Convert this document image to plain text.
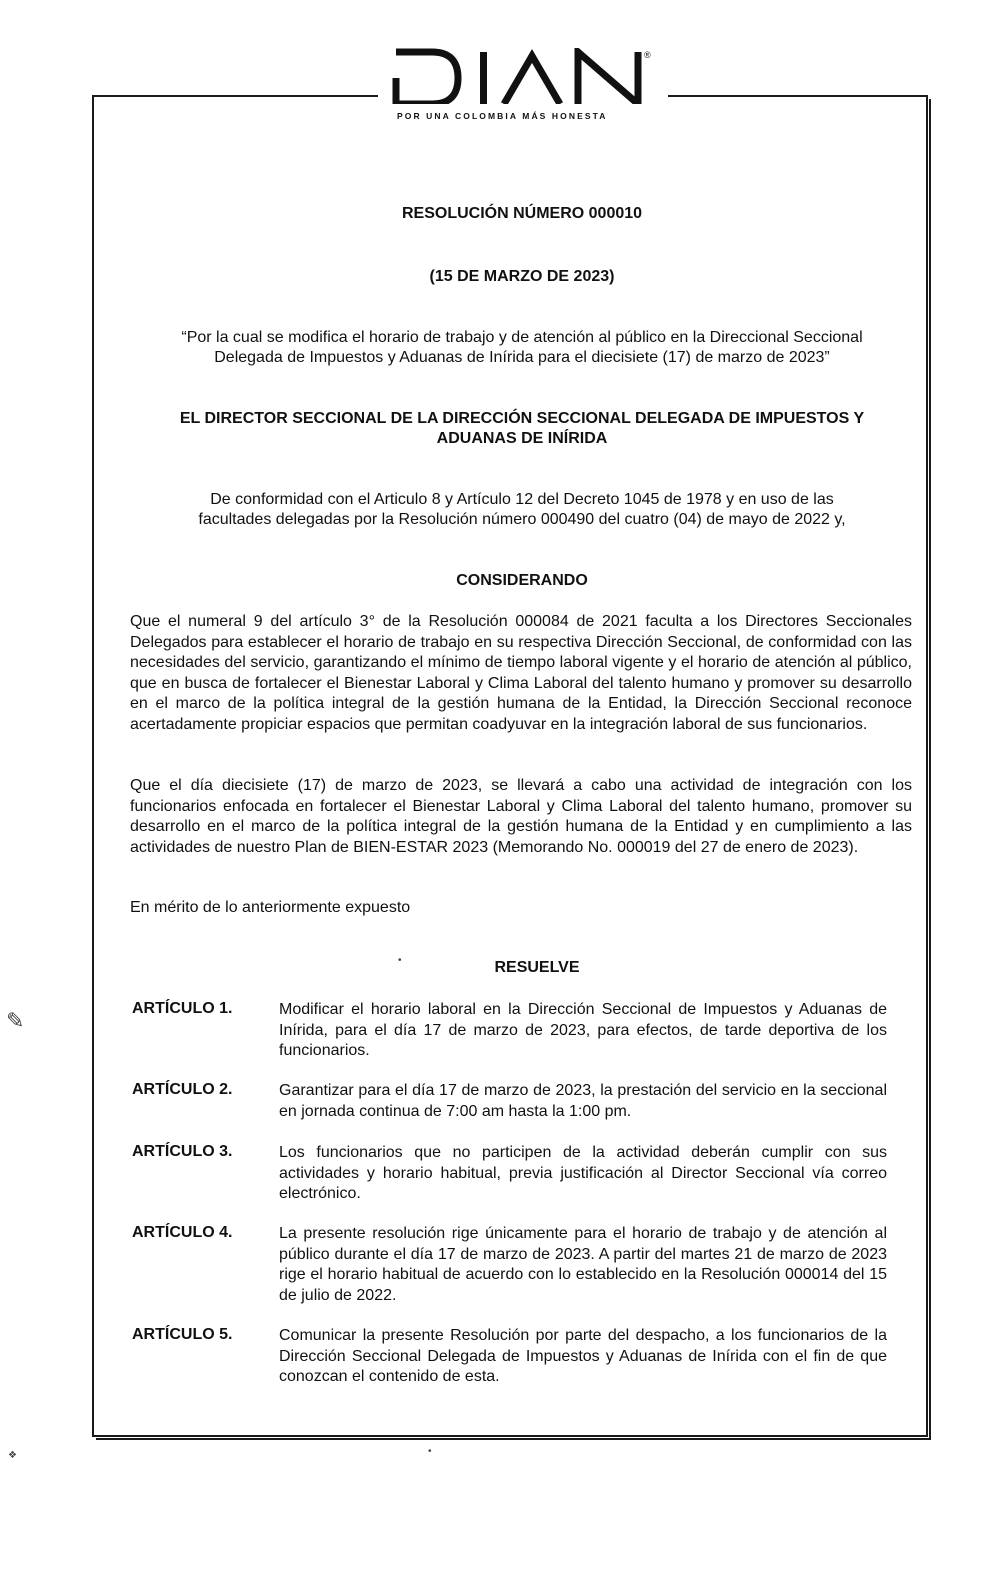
®
POR UNA COLOMBIA MÁS HONESTA
RESOLUCIÓN NÚMERO 000010
(15 DE MARZO DE 2023)
“Por la cual se modifica el horario de trabajo y de atención al público en la Direccional Seccional
Delegada de Impuestos y Aduanas de Inírida para el diecisiete (17) de marzo de 2023”
EL DIRECTOR SECCIONAL DE LA DIRECCIÓN SECCIONAL DELEGADA DE IMPUESTOS Y
ADUANAS DE INÍRIDA
De conformidad con el Articulo 8 y Artículo 12 del Decreto 1045 de 1978 y en uso de las
facultades delegadas por la Resolución número 000490 del cuatro (04) de mayo de 2022 y,
CONSIDERANDO
Que el numeral 9 del artículo 3° de la Resolución 000084 de 2021 faculta a los Directores Seccionales Delegados para establecer el horario de trabajo en su respectiva Dirección Seccional, de conformidad con las necesidades del servicio, garantizando el mínimo de tiempo laboral vigente y el horario de atención al público, que en busca de fortalecer el Bienestar Laboral y Clima Laboral del talento humano y promover su desarrollo en el marco de la política integral de la gestión humana de la Entidad, la Dirección Seccional reconoce acertadamente propiciar espacios que permitan coadyuvar en la integración laboral de sus funcionarios.
Que el día diecisiete (17) de marzo de 2023, se llevará a cabo una actividad de integración con los funcionarios enfocada en fortalecer el Bienestar Laboral y Clima Laboral del talento humano, promover su desarrollo en el marco de la política integral de la gestión humana de la Entidad y en cumplimiento a las actividades de nuestro Plan de BIEN-ESTAR 2023 (Memorando No. 000019 del 27 de enero de 2023).
En mérito de lo anteriormente expuesto
RESUELVE
ARTÍCULO 1.	Modificar el horario laboral en la Dirección Seccional de Impuestos y Aduanas de Inírida, para el día 17 de marzo de 2023, para efectos, de tarde deportiva de los funcionarios.
ARTÍCULO 2.	Garantizar para el día 17 de marzo de 2023, la prestación del servicio en la seccional en jornada continua de 7:00 am hasta la 1:00 pm.
ARTÍCULO 3.	Los funcionarios que no participen de la actividad deberán cumplir con sus actividades y horario habitual, previa justificación al Director Seccional vía correo electrónico.
ARTÍCULO 4.	La presente resolución rige únicamente para el horario de trabajo y de atención al público durante el día 17 de marzo de 2023. A partir del martes 21 de marzo de 2023 rige el horario habitual de acuerdo con lo establecido en la Resolución 000014 del 15 de julio de 2022.
ARTÍCULO 5.	Comunicar la presente Resolución por parte del despacho, a los funcionarios de la Dirección Seccional Delegada de Impuestos y Aduanas de Inírida con el fin de que conozcan el contenido de esta.
•
✎
❖	•
